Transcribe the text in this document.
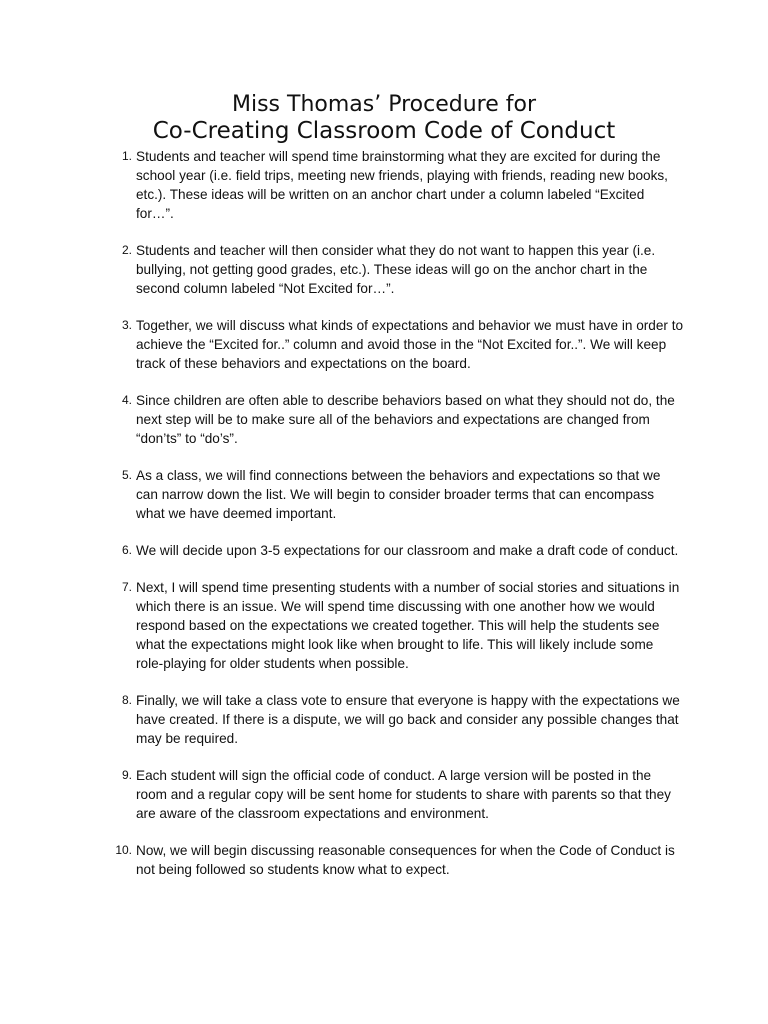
Miss Thomas’ Procedure for
Co-Creating Classroom Code of Conduct
1. Students and teacher will spend time brainstorming what they are excited for during the school year (i.e. field trips, meeting new friends, playing with friends, reading new books, etc.). These ideas will be written on an anchor chart under a column labeled “Excited for…”.
2. Students and teacher will then consider what they do not want to happen this year (i.e. bullying, not getting good grades, etc.). These ideas will go on the anchor chart in the second column labeled “Not Excited for…”.
3. Together, we will discuss what kinds of expectations and behavior we must have in order to achieve the “Excited for..” column and avoid those in the “Not Excited for..”. We will keep track of these behaviors and expectations on the board.
4. Since children are often able to describe behaviors based on what they should not do, the next step will be to make sure all of the behaviors and expectations are changed from “don’ts” to “do’s”.
5. As a class, we will find connections between the behaviors and expectations so that we can narrow down the list. We will begin to consider broader terms that can encompass what we have deemed important.
6. We will decide upon 3-5 expectations for our classroom and make a draft code of conduct.
7. Next, I will spend time presenting students with a number of social stories and situations in which there is an issue. We will spend time discussing with one another how we would respond based on the expectations we created together. This will help the students see what the expectations might look like when brought to life. This will likely include some role-playing for older students when possible.
8. Finally, we will take a class vote to ensure that everyone is happy with the expectations we have created. If there is a dispute, we will go back and consider any possible changes that may be required.
9. Each student will sign the official code of conduct. A large version will be posted in the room and a regular copy will be sent home for students to share with parents so that they are aware of the classroom expectations and environment.
10. Now, we will begin discussing reasonable consequences for when the Code of Conduct is not being followed so students know what to expect.
